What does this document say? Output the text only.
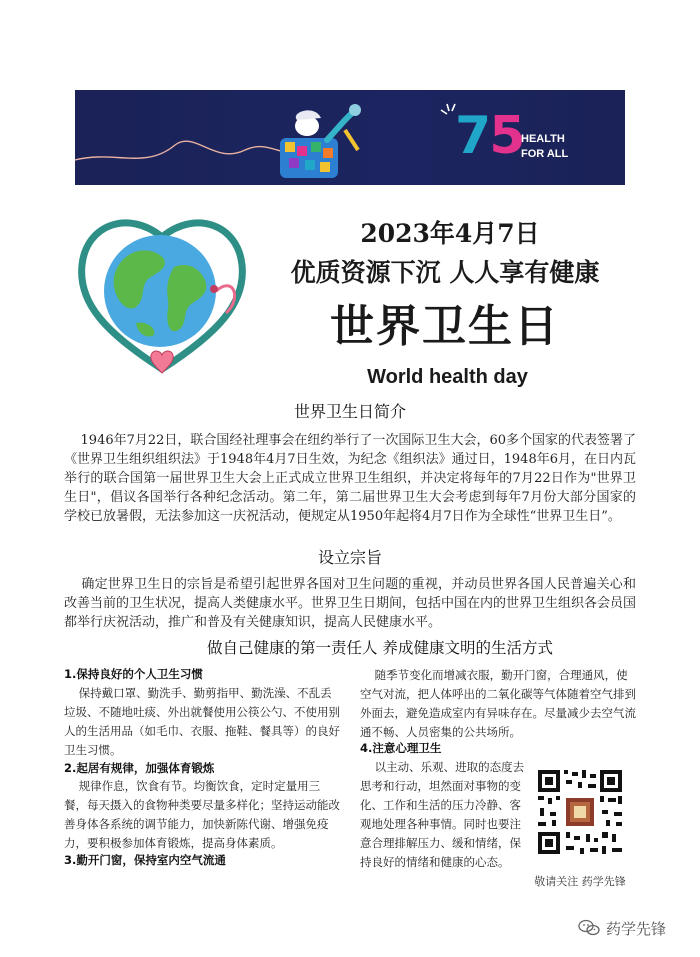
75
HEALTH
FOR ALL
2023年4月7日
优质资源下沉 人人享有健康
世界卫生日
World health day
世界卫生日简介
1946年7月22日，联合国经社理事会在纽约举行了一次国际卫生大会，60多个国家的代表签署了《世界卫生组织组织法》于1948年4月7日生效，为纪念《组织法》通过日，1948年6月，在日内瓦举行的联合国第一届世界卫生大会上正式成立世界卫生组织，并决定将每年的7月22日作为"世界卫生日"，倡议各国举行各种纪念活动。第二年，第二届世界卫生大会考虑到每年7月份大部分国家的学校已放暑假，无法参加这一庆祝活动，便规定从1950年起将4月7日作为全球性“世界卫生日”。
设立宗旨
确定世界卫生日的宗旨是希望引起世界各国对卫生问题的重视，并动员世界各国人民普遍关心和改善当前的卫生状况，提高人类健康水平。世界卫生日期间，包括中国在内的世界卫生组织各会员国都举行庆祝活动，推广和普及有关健康知识，提高人民健康水平。
做自己健康的第一责任人 养成健康文明的生活方式
1.保持良好的个人卫生习惯
保持戴口罩、勤洗手、勤剪指甲、勤洗澡、不乱丢垃圾、不随地吐痰、外出就餐使用公筷公勺、不使用别人的生活用品（如毛巾、衣服、拖鞋、餐具等）的良好卫生习惯。
2.起居有规律，加强体育锻炼
规律作息，饮食有节。均衡饮食，定时定量用三餐，每天摄入的食物种类要尽量多样化；坚持运动能改善身体各系统的调节能力，加快新陈代谢、增强免疫力，要积极参加体育锻炼，提高身体素质。
3.勤开门窗，保持室内空气流通
随季节变化而增减衣服，勤开门窗，合理通风，使空气对流，把人体呼出的二氧化碳等气体随着空气排到外面去，避免造成室内有异味存在。尽量减少去空气流通不畅、人员密集的公共场所。
4.注意心理卫生
以主动、乐观、进取的态度去思考和行动，坦然面对事物的变化、工作和生活的压力冷静、客观地处理各种事情。同时也要注意合理排解压力、缓和情绪，保持良好的情绪和健康的心态。
敬请关注 药学先锋
药学先锋
